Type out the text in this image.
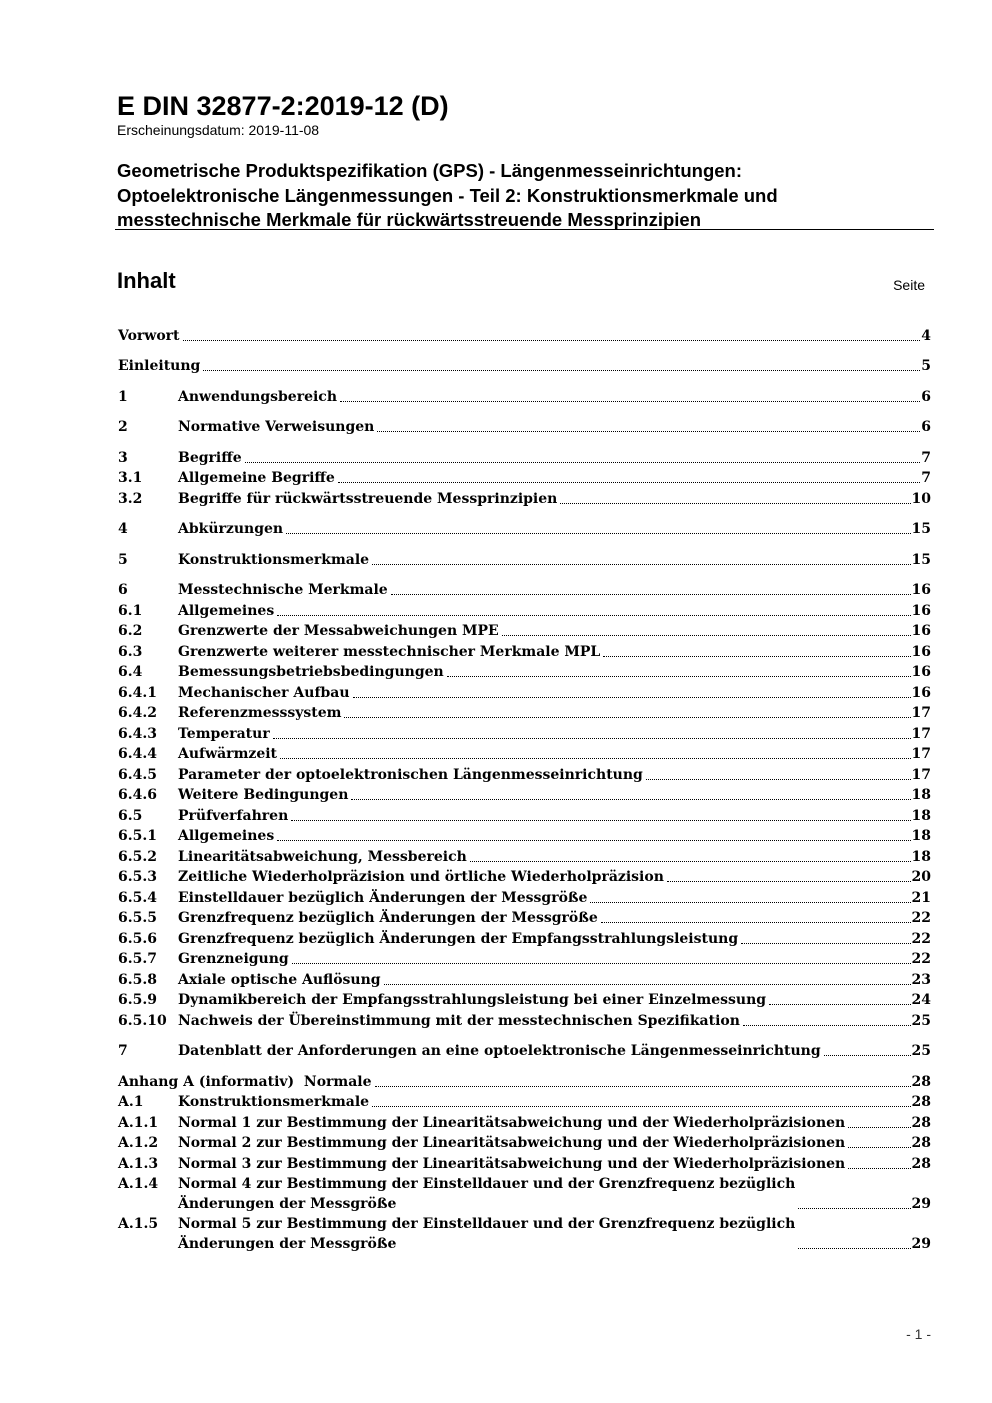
E DIN 32877-2:2019-12 (D)
Erscheinungsdatum: 2019-11-08
Geometrische Produktspezifikation (GPS) - Längenmesseinrichtungen:
Optoelektronische Längenmessungen - Teil 2: Konstruktionsmerkmale und
messtechnische Merkmale für rückwärtsstreuende Messprinzipien
Inhalt	Seite
Vorwort	4
Einleitung	5
1	Anwendungsbereich	6
2	Normative Verweisungen	6
3	Begriffe	7
3.1	Allgemeine Begriffe	7
3.2	Begriffe für rückwärtsstreuende Messprinzipien	10
4	Abkürzungen	15
5	Konstruktionsmerkmale	15
6	Messtechnische Merkmale	16
6.1	Allgemeines	16
6.2	Grenzwerte der Messabweichungen MPE	16
6.3	Grenzwerte weiterer messtechnischer Merkmale MPL	16
6.4	Bemessungsbetriebsbedingungen	16
6.4.1	Mechanischer Aufbau	16
6.4.2	Referenzmesssystem	17
6.4.3	Temperatur	17
6.4.4	Aufwärmzeit	17
6.4.5	Parameter der optoelektronischen Längenmesseinrichtung	17
6.4.6	Weitere Bedingungen	18
6.5	Prüfverfahren	18
6.5.1	Allgemeines	18
6.5.2	Linearitätsabweichung, Messbereich	18
6.5.3	Zeitliche Wiederholpräzision und örtliche Wiederholpräzision	20
6.5.4	Einstelldauer bezüglich Änderungen der Messgröße	21
6.5.5	Grenzfrequenz bezüglich Änderungen der Messgröße	22
6.5.6	Grenzfrequenz bezüglich Änderungen der Empfangsstrahlungsleistung	22
6.5.7	Grenzneigung	22
6.5.8	Axiale optische Auflösung	23
6.5.9	Dynamikbereich der Empfangsstrahlungsleistung bei einer Einzelmessung	24
6.5.10 Nachweis der Übereinstimmung mit der messtechnischen Spezifikation	25
7	Datenblatt der Anforderungen an eine optoelektronische Längenmesseinrichtung	25
Anhang A (informativ)  Normale	28
A.1	Konstruktionsmerkmale	28
A.1.1	Normal 1 zur Bestimmung der Linearitätsabweichung und der Wiederholpräzisionen	28
A.1.2	Normal 2 zur Bestimmung der Linearitätsabweichung und der Wiederholpräzisionen	28
A.1.3	Normal 3 zur Bestimmung der Linearitätsabweichung und der Wiederholpräzisionen	28
A.1.4	Normal 4 zur Bestimmung der Einstelldauer und der Grenzfrequenz bezüglich
Änderungen der Messgröße	29
A.1.5	Normal 5 zur Bestimmung der Einstelldauer und der Grenzfrequenz bezüglich
Änderungen der Messgröße	29
- 1 -
